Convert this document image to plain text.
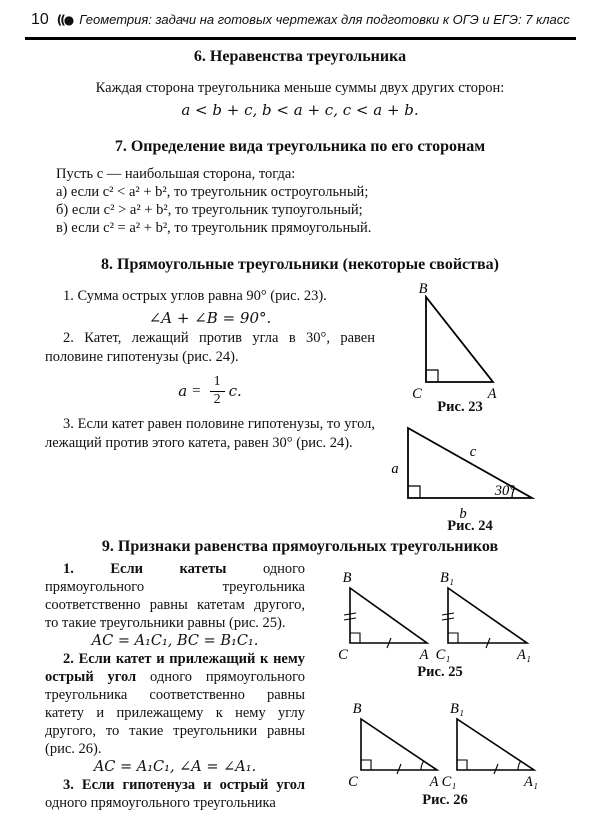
10 ((● Геометрия: задачи на готовых чертежах для подготовки к ОГЭ и ЕГЭ: 7 класс
6. Неравенства треугольника

Каждая сторона треугольника меньше суммы двух других сторон:

a < b + c, b < a + c, c < a + b.

7. Определение вида треугольника по его сторонам

Пусть c — наибольшая сторона, тогда:

а) если c² < a² + b², то треугольник остроугольный;

б) если c² > a² + b², то треугольник тупоугольный;

в) если c² = a² + b², то треугольник прямоугольный.

8. Прямоугольные треугольники (некоторые свойства)

1. Сумма острых углов равна 90° (рис. 23).

∠A + ∠B = 90°.

2. Катет, лежащий против угла в 30°, равен половине гипотенузы (рис. 24).

$a = \frac{1}{2} c$.

3. Если катет равен половине гипотенузы, то угол, лежащий против этого катета, равен 30° (рис. 24).

B
C	A

Рис. 23

a
c
b
30°

Рис. 24

9. Признаки равенства прямоугольных треугольников

1. Если катеты одного прямоугольного треугольника соответственно равны катетам другого, то такие треугольники равны (рис. 25).

AC = A₁C₁, BC = B₁C₁.

2. Если катет и прилежащий к нему острый угол одного прямоугольного треугольника соответственно равны катету и прилежащему к нему углу другого, то такие треугольники равны (рис. 26).

AC = A₁C₁, ∠A = ∠A₁.

3. Если гипотенуза и острый угол одного прямоугольного треугольника

B
C	A
B₁
C₁	A₁

Рис. 25

B
C	A
B₁
C₁	A₁

Рис. 26
